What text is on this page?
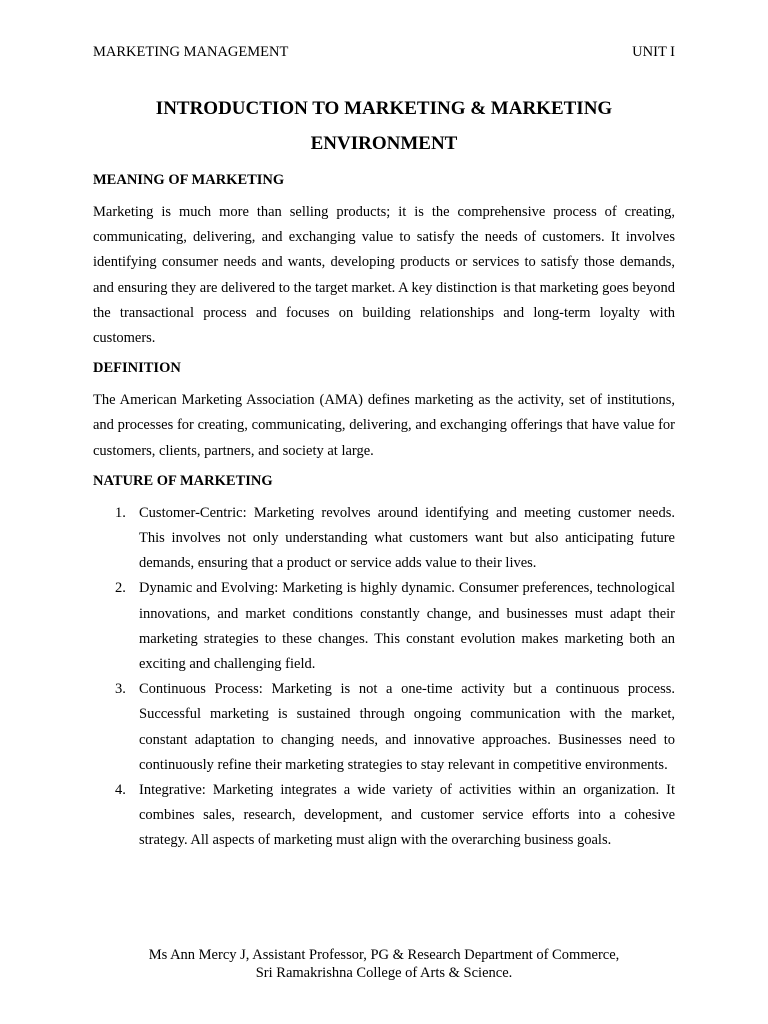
MARKETING MANAGEMENT	UNIT I
INTRODUCTION TO MARKETING & MARKETING
ENVIRONMENT
MEANING OF MARKETING

Marketing is much more than selling products; it is the comprehensive process of creating, communicating, delivering, and exchanging value to satisfy the needs of customers. It involves identifying consumer needs and wants, developing products or services to satisfy those demands, and ensuring they are delivered to the target market. A key distinction is that marketing goes beyond the transactional process and focuses on building relationships and long-term loyalty with customers.

DEFINITION

The American Marketing Association (AMA) defines marketing as the activity, set of institutions, and processes for creating, communicating, delivering, and exchanging offerings that have value for customers, clients, partners, and society at large.

NATURE OF MARKETING
1. Customer-Centric: Marketing revolves around identifying and meeting customer needs. This involves not only understanding what customers want but also anticipating future demands, ensuring that a product or service adds value to their lives.
2. Dynamic and Evolving: Marketing is highly dynamic. Consumer preferences, technological innovations, and market conditions constantly change, and businesses must adapt their marketing strategies to these changes. This constant evolution makes marketing both an exciting and challenging field.
3. Continuous Process: Marketing is not a one-time activity but a continuous process. Successful marketing is sustained through ongoing communication with the market, constant adaptation to changing needs, and innovative approaches. Businesses need to continuously refine their marketing strategies to stay relevant in competitive environments.
4. Integrative: Marketing integrates a wide variety of activities within an organization. It combines sales, research, development, and customer service efforts into a cohesive strategy. All aspects of marketing must align with the overarching business goals.
Ms Ann Mercy J, Assistant Professor, PG & Research Department of Commerce,
Sri Ramakrishna College of Arts & Science.
